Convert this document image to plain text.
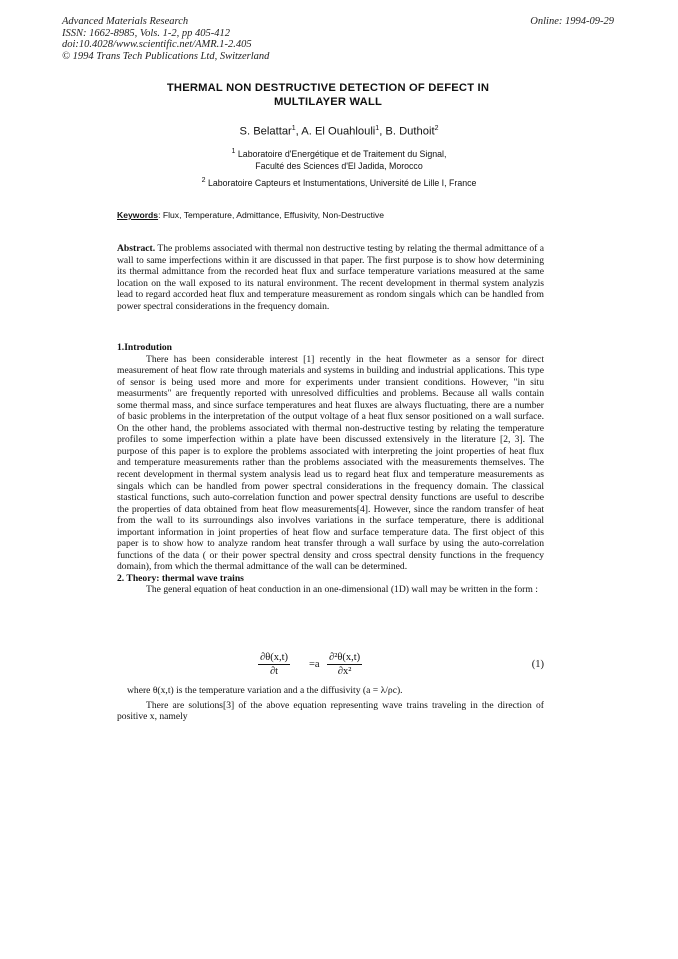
Advanced Materials Research
ISSN: 1662-8985, Vols. 1-2, pp 405-412
doi:10.4028/www.scientific.net/AMR.1-2.405
© 1994 Trans Tech Publications Ltd, Switzerland
Online: 1994-09-29
THERMAL NON DESTRUCTIVE DETECTION OF DEFECT IN
MULTILAYER WALL
S. Belattar$^1$, A. El Ouahlouli$^1$, B. Duthoit$^2$
$^1$ Laboratoire d'Energétique et de Traitement du Signal,
Faculté des Sciences d'El Jadida, Morocco
$^2$ Laboratoire Capteurs et Instumentations, Université de Lille I, France
Keywords: Flux, Temperature, Admittance, Effusivity, Non-Destructive
Abstract. The problems associated with thermal non destructive testing by relating the thermal admittance of a wall to same imperfections within it are discussed in that paper. The first purpose is to show how determining its thermal admittance from the recorded heat flux and surface temperature variations measured at the same location on the wall exposed to its natural environment. The recent development in thermal system analyzis lead to regard accorded heat flux and temperature measurement as rondom singals which can be handled from power spectral considerations in the frequency domain.
1.Introdution
There has been considerable interest [1] recently in the heat flowmeter as a sensor for direct measurement of heat flow rate through materials and systems in building and industrial applications. This type of sensor is being used more and more for experiments under transient conditions. However, "in situ measurments" are frequently reported with unresolved difficulties and problems. Because all walls contain some thermal mass, and since surface temperatures and heat fluxes are always fluctuating, there are a number of basic problems in the interpretation of the output voltage of a heat flux sensor positioned on a wall surface. On the other hand, the problems associated with thermal non-destructive testing by relating the temperature profiles to some imperfection within a plate have been discussed extensively in the literature [2, 3]. The purpose of this paper is to explore the problems associated with interpreting the joint properties of heat flux and temperature measurements rather than the problems associated with the measurements themselves. The recent development in thermal system analysis lead us to regard heat flux and temperature measurements as singals which can be handled from power spectral considerations in the frequency domain. The classical stastical functions, such auto-correlation function and power spectral density functions are useful to describe the properties of data obtained from heat flow measurements[4]. However, since the random transfer of heat from the wall to its surroundings also involves variations in the surface temperature, there is additional important information in joint properties of heat flow and surface temperature data. The first object of this paper is to show how to analyze random heat transfer through a wall surface by using the auto-correlation functions of the data ( or their power spectral density and cross spectral density functions in the frequency domain), from which the thermal admittance of the wall can be determined.
2. Theory: thermal wave trains
The general equation of heat conduction in an one-dimensional (1D) wall may be written in the form :
$\frac{\partial\theta(x,t)}{\partial t} =a \frac{\text{∂²θ(x,t)}}{\text{∂x²}}$	(1)

where θ(x,t) is the temperature variation and a the diffusivity (a = λ/ρc).

There are solutions[3] of the above equation representing wave trains traveling in the direction of positive x, namely
